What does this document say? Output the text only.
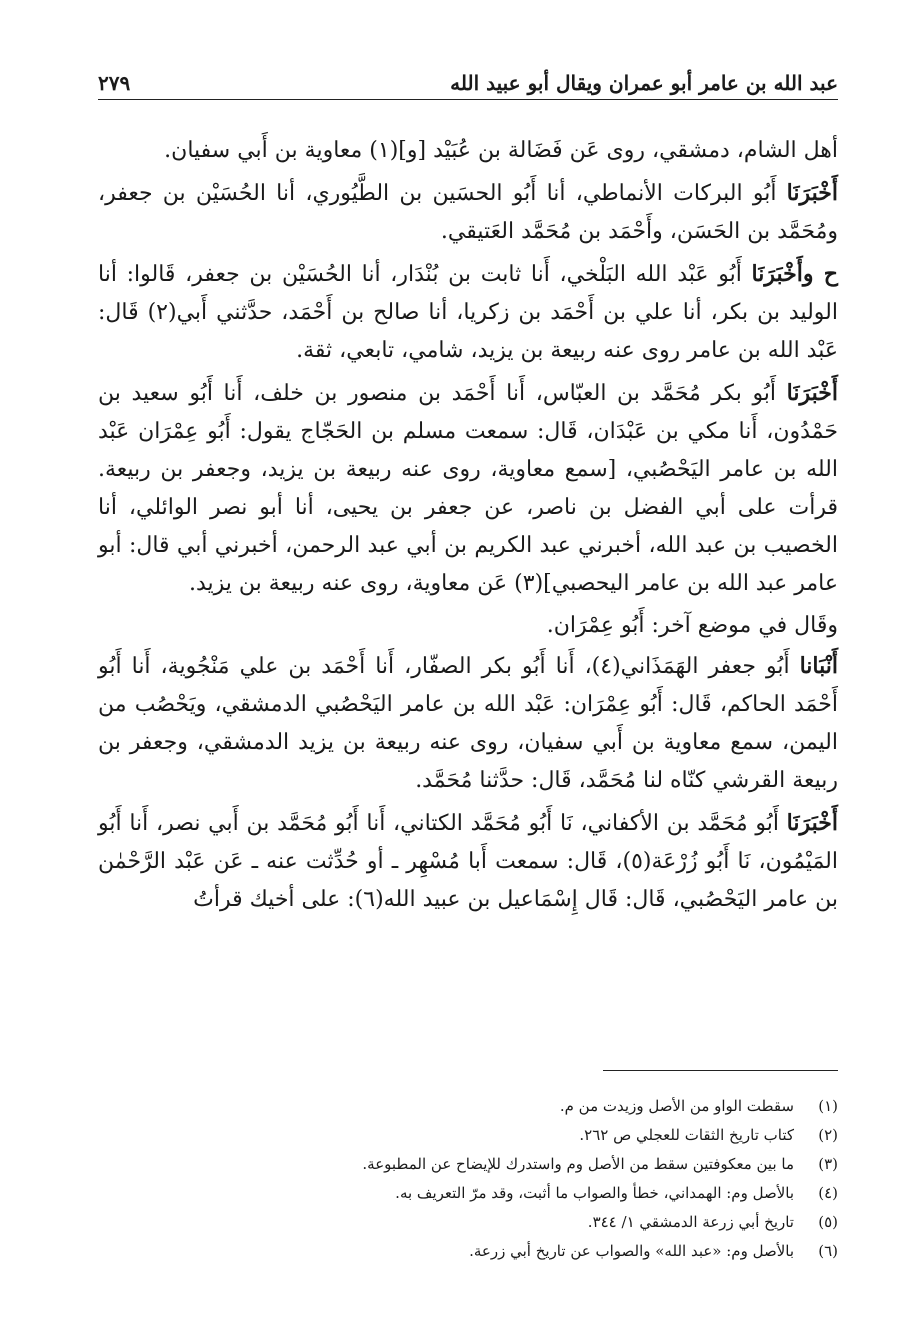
عبد الله بن عامر أبو عمران ويقال أبو عبيد الله
٢٧٩

أهل الشام، دمشقي، روى عَن فَضَالة بن عُبَيْد [و](١) معاوية بن أَبي سفيان.

أَخْبَرَنَا أَبُو البركات الأنماطي، أنا أَبُو الحسَين بن الطَّيُوري، أنا الحُسَيْن بن جعفر، ومُحَمَّد بن الحَسَن، وأَحْمَد بن مُحَمَّد العَتيقي.

ح وأَخْبَرَنَا أَبُو عَبْد الله البَلْخي، أَنا ثابت بن بُنْدَار، أنا الحُسَيْن بن جعفر، قَالوا: أنا الوليد بن بكر، أنا علي بن أَحْمَد بن زكريا، أنا صالح بن أَحْمَد، حدَّثني أَبي(٢) قَال: عَبْد الله بن عامر روى عنه ربيعة بن يزيد، شامي، تابعي، ثقة.

أَخْبَرَنَا أَبُو بكر مُحَمَّد بن العبّاس، أَنا أَحْمَد بن منصور بن خلف، أَنا أَبُو سعيد بن حَمْدُون، أَنا مكي بن عَبْدَان، قَال: سمعت مسلم بن الحَجّاج يقول: أَبُو عِمْرَان عَبْد الله بن عامر اليَحْصُبي، [سمع معاوية، روى عنه ربيعة بن يزيد، وجعفر بن ربيعة. قرأت على أبي الفضل بن ناصر، عن جعفر بن يحيى، أنا أبو نصر الوائلي، أنا الخصيب بن عبد الله، أخبرني عبد الكريم بن أبي عبد الرحمن، أخبرني أبي قال: أبو عامر عبد الله بن عامر اليحصبي](٣) عَن معاوية، روى عنه ربيعة بن يزيد.

وقَال في موضع آخر: أَبُو عِمْرَان.

أَنْبَانا أَبُو جعفر الهَمَذَاني(٤)، أَنا أَبُو بكر الصفّار، أَنا أَحْمَد بن علي مَنْجُوية، أَنا أَبُو أَحْمَد الحاكم، قَال: أَبُو عِمْرَان: عَبْد الله بن عامر اليَحْصُبي الدمشقي، ويَحْصُب من اليمن، سمع معاوية بن أَبي سفيان، روى عنه ربيعة بن يزيد الدمشقي، وجعفر بن ربيعة القرشي كنّاه لنا مُحَمَّد، قَال: حدَّثنا مُحَمَّد.

أَخْبَرَنَا أَبُو مُحَمَّد بن الأكفاني، نَا أَبُو مُحَمَّد الكتاني، أَنا أَبُو مُحَمَّد بن أَبي نصر، أَنا أَبُو المَيْمُون، نَا أَبُو زُرْعَة(٥)، قَال: سمعت أَبا مُسْهِر ـ أو حُدِّثت عنه ـ عَن عَبْد الرَّحْمٰن بن عامر اليَحْصُبي، قَال: قَال إِسْمَاعيل بن عبيد الله(٦): على أخيك قرأتُ

(١)
سقطت الواو من الأصل وزيدت من م.
(٢)
كتاب تاريخ الثقات للعجلي ص ٢٦٢.
(٣)
ما بين معكوفتين سقط من الأصل وم واستدرك للإيضاح عن المطبوعة.
(٤)
بالأصل وم: الهمداني، خطأ والصواب ما أثبت، وقد مرّ التعريف به.
(٥)
تاريخ أبي زرعة الدمشقي ١/ ٣٤٤.
(٦)
بالأصل وم: «عبد الله» والصواب عن تاريخ أبي زرعة.
